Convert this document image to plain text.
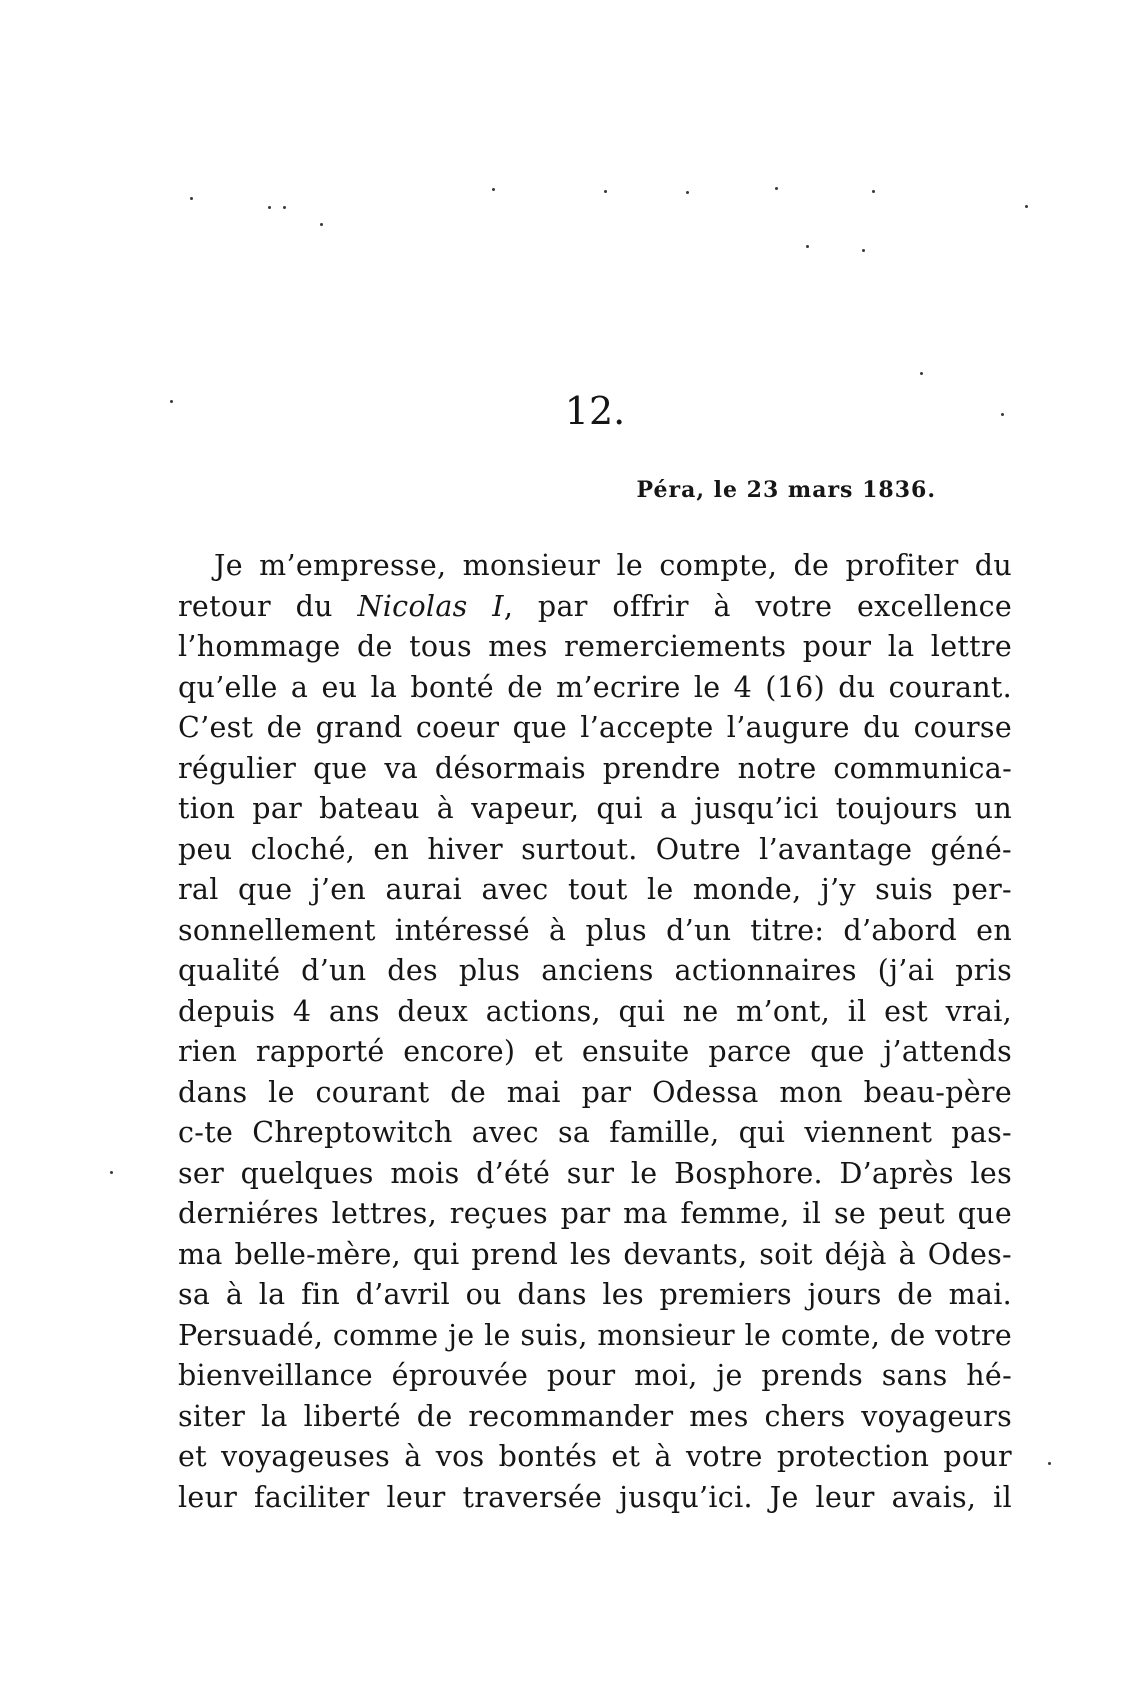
12.
Péra, le 23 mars 1836.
Je m’empresse, monsieur le compte, de profiter du
retour du Nicolas I, par offrir à votre excellence
l’hommage de tous mes remerciements pour la lettre
qu’elle a eu la bonté de m’ecrire le 4 (16) du courant.
C’est de grand coeur que l’accepte l’augure du course
régulier que va désormais prendre notre communica-
tion par bateau à vapeur, qui a jusqu’ici toujours un
peu cloché, en hiver surtout. Outre l’avantage géné-
ral que j’en aurai avec tout le monde, j’y suis per-
sonnellement intéressé à plus d’un titre: d’abord en
qualité d’un des plus anciens actionnaires (j’ai pris
depuis 4 ans deux actions, qui ne m’ont, il est vrai,
rien rapporté encore) et ensuite parce que j’attends
dans le courant de mai par Odessa mon beau-père
c-te Chreptowitch avec sa famille, qui viennent pas-
ser quelques mois d’été sur le Bosphore. D’après les
derniéres lettres, reçues par ma femme, il se peut que
ma belle-mère, qui prend les devants, soit déjà à Odes-
sa à la fin d’avril ou dans les premiers jours de mai.
Persuadé, comme je le suis, monsieur le comte, de votre
bienveillance éprouvée pour moi, je prends sans hé-
siter la liberté de recommander mes chers voyageurs
et voyageuses à vos bontés et à votre protection pour
leur faciliter leur traversée jusqu’ici. Je leur avais, il
